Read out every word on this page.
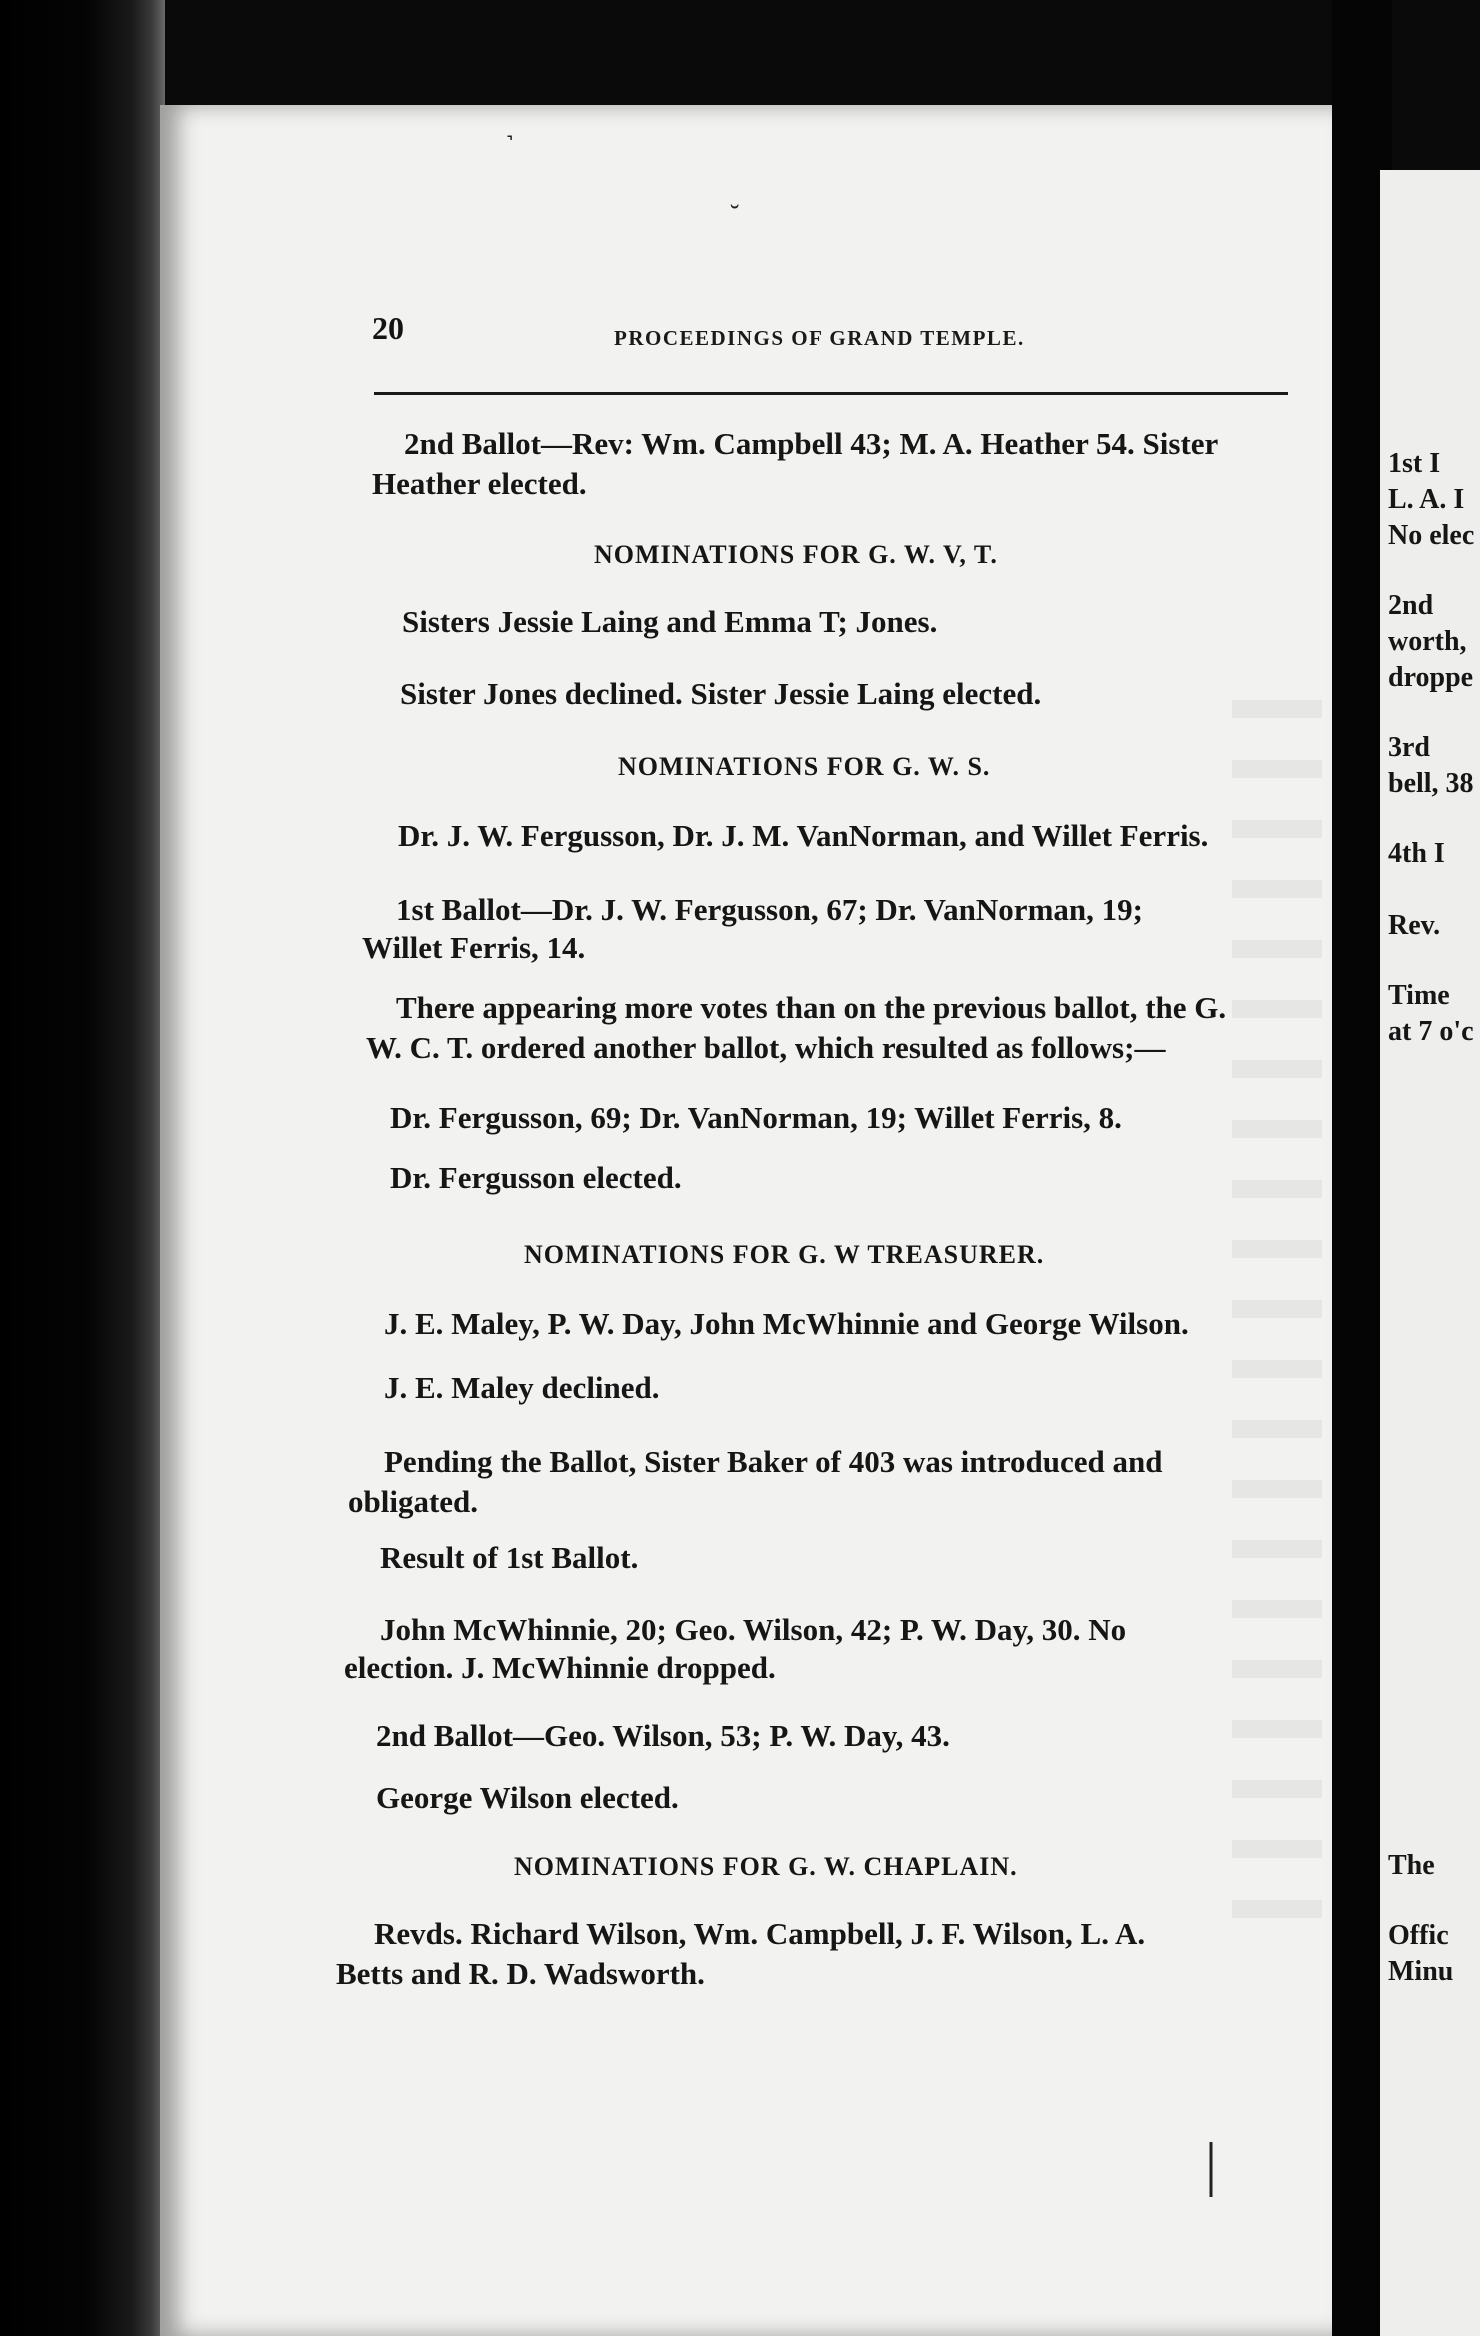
1st I
L. A. I
No elec
2nd
worth,
droppe
3rd
bell, 38
4th I
Rev.
Time
at 7 o'c
The
Offic
Minu
20	PROCEEDINGS OF GRAND TEMPLE.
2nd Ballot—Rev: Wm. Campbell 43; M. A. Heather 54. Sister
Heather elected.
NOMINATIONS FOR G. W. V, T.
Sisters Jessie Laing and Emma T; Jones.
Sister Jones declined. Sister Jessie Laing elected.
NOMINATIONS FOR G. W. S.
Dr. J. W. Fergusson, Dr. J. M. VanNorman, and Willet Ferris.
1st Ballot—Dr. J. W. Fergusson, 67; Dr. VanNorman, 19;
Willet Ferris, 14.
There appearing more votes than on the previous ballot, the G.
W. C. T. ordered another ballot, which resulted as follows;—
Dr. Fergusson, 69; Dr. VanNorman, 19; Willet Ferris, 8.
Dr. Fergusson elected.
NOMINATIONS FOR G. W TREASURER.
J. E. Maley, P. W. Day, John McWhinnie and George Wilson.
J. E. Maley declined.
Pending the Ballot, Sister Baker of 403 was introduced and
obligated.
Result of 1st Ballot.
John McWhinnie, 20; Geo. Wilson, 42; P. W. Day, 30. No
election. J. McWhinnie dropped.
2nd Ballot—Geo. Wilson, 53; P. W. Day, 43.
George Wilson elected.
NOMINATIONS FOR G. W. CHAPLAIN.
Revds. Richard Wilson, Wm. Campbell, J. F. Wilson, L. A.
Betts and R. D. Wadsworth.
˺
˘
|
